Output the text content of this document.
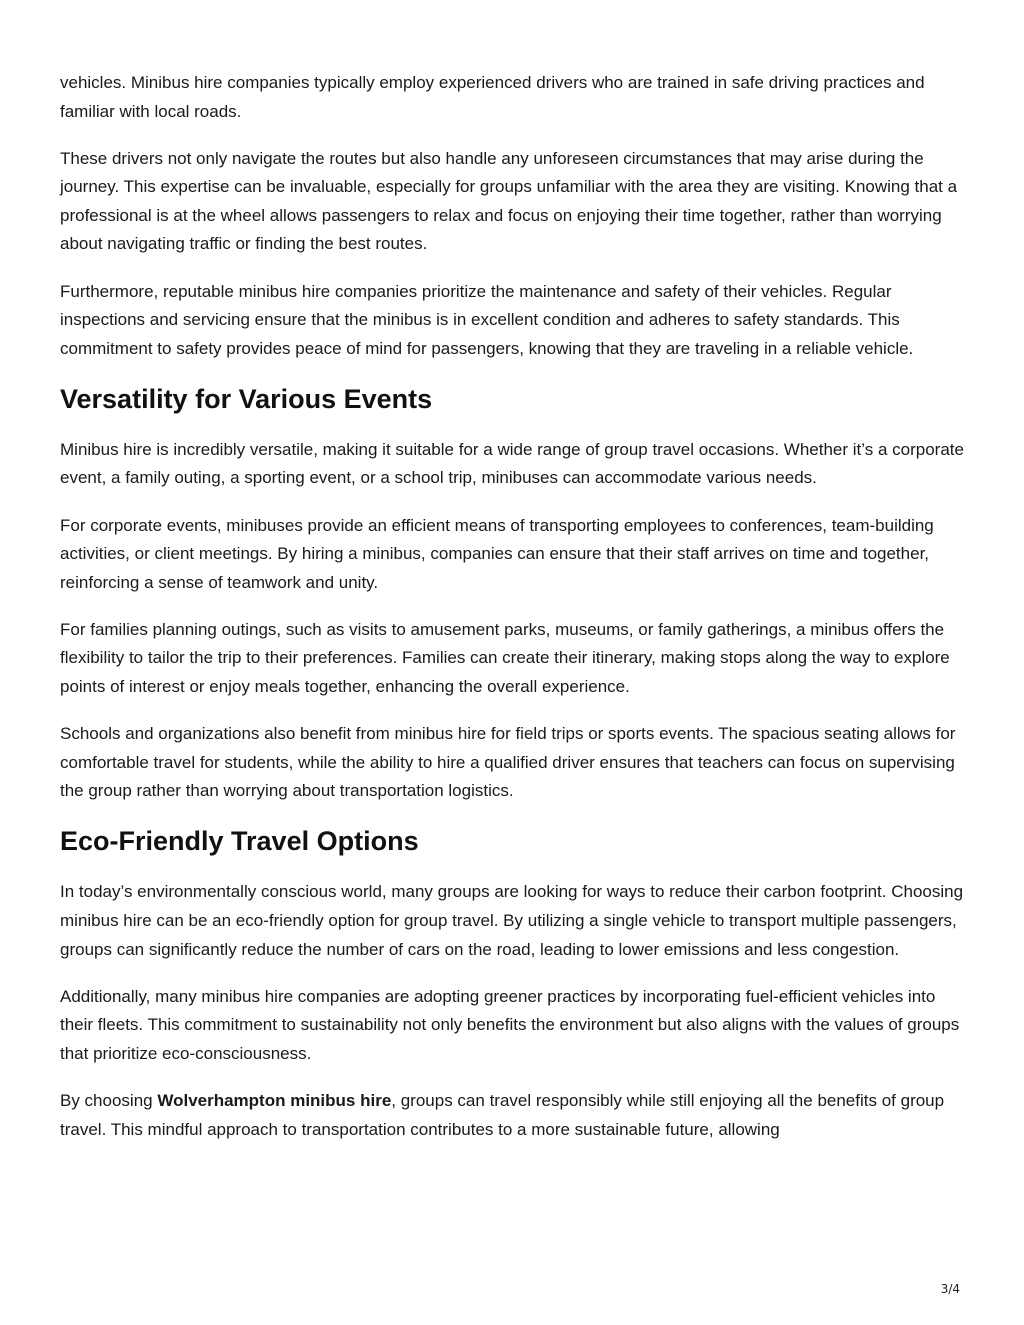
vehicles. Minibus hire companies typically employ experienced drivers who are trained in safe driving practices and familiar with local roads.

These drivers not only navigate the routes but also handle any unforeseen circumstances that may arise during the journey. This expertise can be invaluable, especially for groups unfamiliar with the area they are visiting. Knowing that a professional is at the wheel allows passengers to relax and focus on enjoying their time together, rather than worrying about navigating traffic or finding the best routes.

Furthermore, reputable minibus hire companies prioritize the maintenance and safety of their vehicles. Regular inspections and servicing ensure that the minibus is in excellent condition and adheres to safety standards. This commitment to safety provides peace of mind for passengers, knowing that they are traveling in a reliable vehicle.

Versatility for Various Events

Minibus hire is incredibly versatile, making it suitable for a wide range of group travel occasions. Whether it’s a corporate event, a family outing, a sporting event, or a school trip, minibuses can accommodate various needs.

For corporate events, minibuses provide an efficient means of transporting employees to conferences, team-building activities, or client meetings. By hiring a minibus, companies can ensure that their staff arrives on time and together, reinforcing a sense of teamwork and unity.

For families planning outings, such as visits to amusement parks, museums, or family gatherings, a minibus offers the flexibility to tailor the trip to their preferences. Families can create their itinerary, making stops along the way to explore points of interest or enjoy meals together, enhancing the overall experience.

Schools and organizations also benefit from minibus hire for field trips or sports events. The spacious seating allows for comfortable travel for students, while the ability to hire a qualified driver ensures that teachers can focus on supervising the group rather than worrying about transportation logistics.

Eco-Friendly Travel Options

In today’s environmentally conscious world, many groups are looking for ways to reduce their carbon footprint. Choosing minibus hire can be an eco-friendly option for group travel. By utilizing a single vehicle to transport multiple passengers, groups can significantly reduce the number of cars on the road, leading to lower emissions and less congestion.

Additionally, many minibus hire companies are adopting greener practices by incorporating fuel-efficient vehicles into their fleets. This commitment to sustainability not only benefits the environment but also aligns with the values of groups that prioritize eco-consciousness.

By choosing Wolverhampton minibus hire, groups can travel responsibly while still enjoying all the benefits of group travel. This mindful approach to transportation contributes to a more sustainable future, allowing

3/4
